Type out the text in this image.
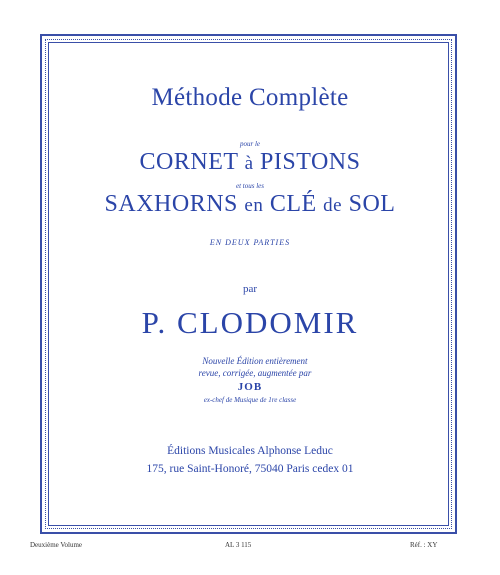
Méthode Complète
pour le
CORNET à PISTONS
et tous les
SAXHORNS en CLÉ de SOL
EN DEUX PARTIES
par
P. CLODOMIR
Nouvelle Édition entièrement
revue, corrigée, augmentée par
JOB
ex-chef de Musique de 1re classe
Éditions Musicales Alphonse Leduc
175, rue Saint-Honoré, 75040 Paris cedex 01
Deuxième Volume	AL 3 115	Réf. : XY
